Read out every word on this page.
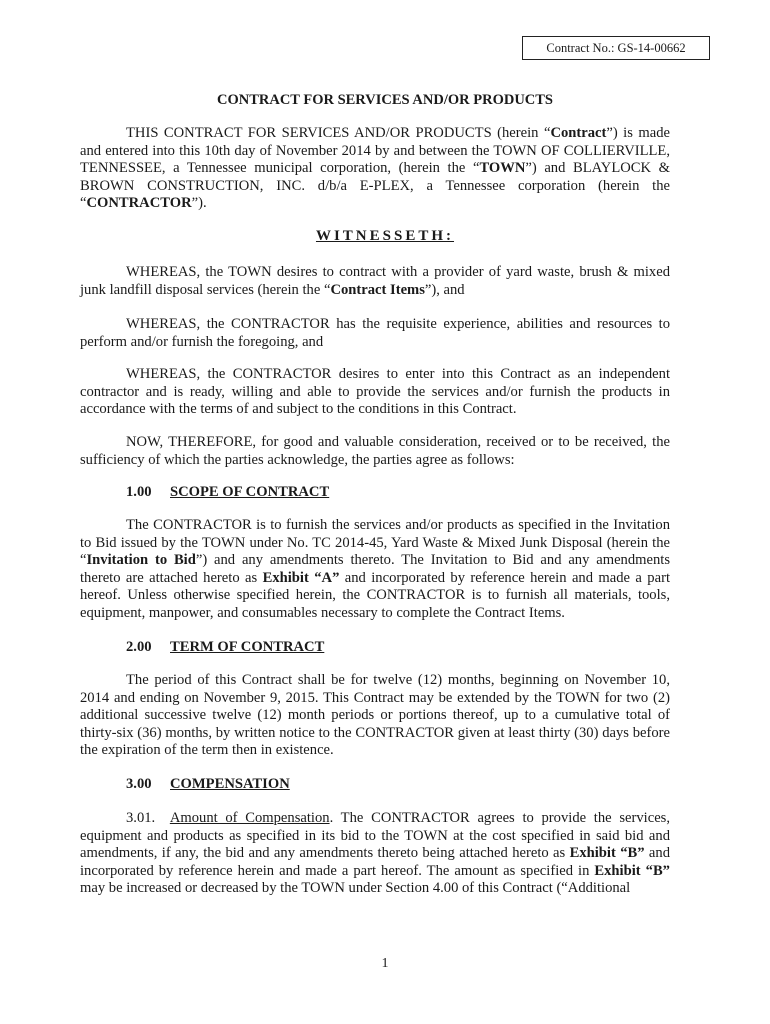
Contract No.: GS-14-00662
CONTRACT FOR SERVICES AND/OR PRODUCTS

THIS CONTRACT FOR SERVICES AND/OR PRODUCTS (herein “Contract”) is made and entered into this 10th day of November 2014 by and between the TOWN OF COLLIERVILLE, TENNESSEE, a Tennessee municipal corporation, (herein the “TOWN”) and BLAYLOCK & BROWN CONSTRUCTION, INC. d/b/a E-PLEX, a Tennessee corporation (herein the “CONTRACTOR”).

WITNESSETH:

WHEREAS, the TOWN desires to contract with a provider of yard waste, brush & mixed junk landfill disposal services (herein the “Contract Items”), and

WHEREAS, the CONTRACTOR has the requisite experience, abilities and resources to perform and/or furnish the foregoing, and

WHEREAS, the CONTRACTOR desires to enter into this Contract as an independent contractor and is ready, willing and able to provide the services and/or furnish the products in accordance with the terms of and subject to the conditions in this Contract.

NOW, THEREFORE, for good and valuable consideration, received or to be received, the sufficiency of which the parties acknowledge, the parties agree as follows:

1.00 SCOPE OF CONTRACT

The CONTRACTOR is to furnish the services and/or products as specified in the Invitation to Bid issued by the TOWN under No. TC 2014-45, Yard Waste & Mixed Junk Disposal (herein the “Invitation to Bid”) and any amendments thereto. The Invitation to Bid and any amendments thereto are attached hereto as Exhibit “A” and incorporated by reference herein and made a part hereof. Unless otherwise specified herein, the CONTRACTOR is to furnish all materials, tools, equipment, manpower, and consumables necessary to complete the Contract Items.

2.00 TERM OF CONTRACT

The period of this Contract shall be for twelve (12) months, beginning on November 10, 2014 and ending on November 9, 2015. This Contract may be extended by the TOWN for two (2) additional successive twelve (12) month periods or portions thereof, up to a cumulative total of thirty-six (36) months, by written notice to the CONTRACTOR given at least thirty (30) days before the expiration of the term then in existence.

3.00 COMPENSATION

3.01. Amount of Compensation. The CONTRACTOR agrees to provide the services, equipment and products as specified in its bid to the TOWN at the cost specified in said bid and amendments, if any, the bid and any amendments thereto being attached hereto as Exhibit “B” and incorporated by reference herein and made a part hereof. The amount as specified in Exhibit “B” may be increased or decreased by the TOWN under Section 4.00 of this Contract (“Additional

1
